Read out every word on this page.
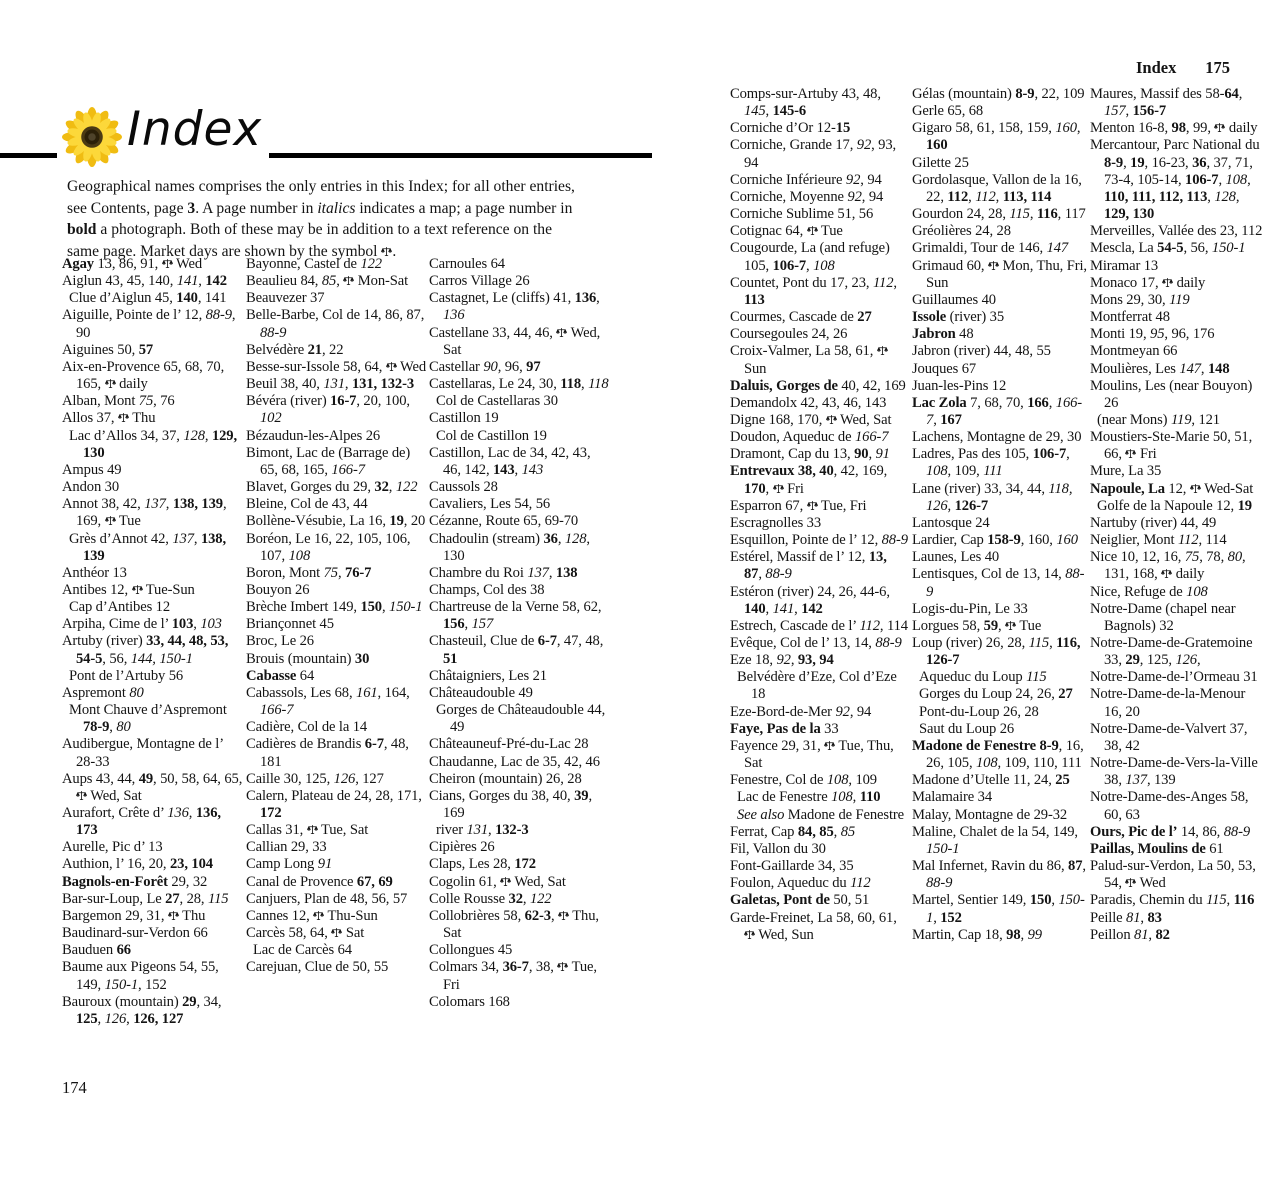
Index
Index 175
Geographical names comprises the only entries in this Index; for all other entries, see Contents, page 3. A page number in italics indicates a map; a page number in bold a photograph. Both of these may be in addition to a text reference on the same page. Market days are shown by the symbol .
Agay 13, 86, 91,  Wed
Aiglun 43, 45, 140, 141, 142
Clue d’Aiglun 45, 140, 141
Aiguille, Pointe de l’ 12, 88-9, 90
Aiguines 50, 57
Aix-en-Provence 65, 68, 70, 165,  daily
Alban, Mont 75, 76
Allos 37,  Thu
Lac d’Allos 34, 37, 128, 129, 130
Ampus 49
Andon 30
Annot 38, 42, 137, 138, 139, 169,  Tue
Grès d’Annot 42, 137, 138, 139
Anthéor 13
Antibes 12,  Tue-Sun
Cap d’Antibes 12
Arpiha, Cime de l’ 103, 103
Artuby (river) 33, 44, 48, 53, 54-5, 56, 144, 150-1
Pont de l’Artuby 56
Aspremont 80
Mont Chauve d’Aspremont 78-9, 80
Audibergue, Montagne de l’ 28-33
Aups 43, 44, 49, 50, 58, 64, 65,  Wed, Sat
Aurafort, Crête d’ 136, 136, 173
Aurelle, Pic d’ 13
Authion, l’ 16, 20, 23, 104
Bagnols-en-Forêt 29, 32
Bar-sur-Loup, Le 27, 28, 115
Bargemon 29, 31,  Thu
Baudinard-sur-Verdon 66
Bauduen 66
Baume aux Pigeons 54, 55, 149, 150-1, 152
Bauroux (mountain) 29, 34, 125, 126, 126, 127
Bayonne, Castel de 122
Beaulieu 84, 85,  Mon-Sat
Beauvezer 37
Belle-Barbe, Col de 14, 86, 87, 88-9
Belvédère 21, 22
Besse-sur-Issole 58, 64,  Wed
Beuil 38, 40, 131, 131, 132-3
Bévéra (river) 16-7, 20, 100, 102
Bézaudun-les-Alpes 26
Bimont, Lac de (Barrage de) 65, 68, 165, 166-7
Blavet, Gorges du 29, 32, 122
Bleine, Col de 43, 44
Bollène-Vésubie, La 16, 19, 20
Boréon, Le 16, 22, 105, 106, 107, 108
Boron, Mont 75, 76-7
Bouyon 26
Brèche Imbert 149, 150, 150-1
Briançonnet 45
Broc, Le 26
Brouis (mountain) 30
Cabasse 64
Cabassols, Les 68, 161, 164, 166-7
Cadière, Col de la 14
Cadières de Brandis 6-7, 48, 181
Caille 30, 125, 126, 127
Calern, Plateau de 24, 28, 171, 172
Callas 31,  Tue, Sat
Callian 29, 33
Camp Long 91
Canal de Provence 67, 69
Canjuers, Plan de 48, 56, 57
Cannes 12,  Thu-Sun
Carcès 58, 64,  Sat
Lac de Carcès 64
Carejuan, Clue de 50, 55
Carnoules 64
Carros Village 26
Castagnet, Le (cliffs) 41, 136, 136
Castellane 33, 44, 46,  Wed, Sat
Castellar 90, 96, 97
Castellaras, Le 24, 30, 118, 118
Col de Castellaras 30
Castillon 19
Col de Castillon 19
Castillon, Lac de 34, 42, 43, 46, 142, 143, 143
Caussols 28
Cavaliers, Les 54, 56
Cézanne, Route 65, 69-70
Chadoulin (stream) 36, 128, 130
Chambre du Roi 137, 138
Champs, Col des 38
Chartreuse de la Verne 58, 62, 156, 157
Chasteuil, Clue de 6-7, 47, 48, 51
Châtaigniers, Les 21
Châteaudouble 49
Gorges de Châteaudouble 44, 49
Châteauneuf-Pré-du-Lac 28
Chaudanne, Lac de 35, 42, 46
Cheiron (mountain) 26, 28
Cians, Gorges du 38, 40, 39, 169
river 131, 132-3
Cipières 26
Claps, Les 28, 172
Cogolin 61,  Wed, Sat
Colle Rousse 32, 122
Collobrières 58, 62-3,  Thu, Sat
Collongues 45
Colmars 34, 36-7, 38,  Tue, Fri
Colomars 168
Comps-sur-Artuby 43, 48, 145, 145-6
Corniche d’Or 12-15
Corniche, Grande 17, 92, 93, 94
Corniche Inférieure 92, 94
Corniche, Moyenne 92, 94
Corniche Sublime 51, 56
Cotignac 64,  Tue
Cougourde, La (and refuge) 105, 106-7, 108
Countet, Pont du 17, 23, 112, 113
Courmes, Cascade de 27
Coursegoules 24, 26
Croix-Valmer, La 58, 61,  Sun
Daluis, Gorges de 40, 42, 169
Demandolx 42, 43, 46, 143
Digne 168, 170,  Wed, Sat
Doudon, Aqueduc de 166-7
Dramont, Cap du 13, 90, 91
Entrevaux 38, 40, 42, 169, 170,  Fri
Esparron 67,  Tue, Fri
Escragnolles 33
Esquillon, Pointe de l’ 12, 88-9
Estérel, Massif de l’ 12, 13, 87, 88-9
Estéron (river) 24, 26, 44-6, 140, 141, 142
Estrech, Cascade de l’ 112, 114
Evêque, Col de l’ 13, 14, 88-9
Eze 18, 92, 93, 94
Belvédère d’Eze, Col d’Eze 18
Eze-Bord-de-Mer 92, 94
Faye, Pas de la 33
Fayence 29, 31,  Tue, Thu, Sat
Fenestre, Col de 108, 109
Lac de Fenestre 108, 110
See also Madone de Fenestre
Ferrat, Cap 84, 85, 85
Fil, Vallon du 30
Font-Gaillarde 34, 35
Foulon, Aqueduc du 112
Galetas, Pont de 50, 51
Garde-Freinet, La 58, 60, 61,  Wed, Sun
Gélas (mountain) 8-9, 22, 109
Gerle 65, 68
Gigaro 58, 61, 158, 159, 160, 160
Gilette 25
Gordolasque, Vallon de la 16, 22, 112, 112, 113, 114
Gourdon 24, 28, 115, 116, 117
Gréolières 24, 28
Grimaldi, Tour de 146, 147
Grimaud 60,  Mon, Thu, Fri, Sun
Guillaumes 40
Issole (river) 35
Jabron 48
Jabron (river) 44, 48, 55
Jouques 67
Juan-les-Pins 12
Lac Zola 7, 68, 70, 166, 166-7, 167
Lachens, Montagne de 29, 30
Ladres, Pas des 105, 106-7, 108, 109, 111
Lane (river) 33, 34, 44, 118, 126, 126-7
Lantosque 24
Lardier, Cap 158-9, 160, 160
Launes, Les 40
Lentisques, Col de 13, 14, 88-9
Logis-du-Pin, Le 33
Lorgues 58, 59,  Tue
Loup (river) 26, 28, 115, 116, 126-7
Aqueduc du Loup 115
Gorges du Loup 24, 26, 27
Pont-du-Loup 26, 28
Saut du Loup 26
Madone de Fenestre 8-9, 16, 26, 105, 108, 109, 110, 111
Madone d’Utelle 11, 24, 25
Malamaire 34
Malay, Montagne de 29-32
Maline, Chalet de la 54, 149, 150-1
Mal Infernet, Ravin du 86, 87, 88-9
Martel, Sentier 149, 150, 150-1, 152
Martin, Cap 18, 98, 99
Maures, Massif des 58-64, 157, 156-7
Menton 16-8, 98, 99,  daily
Mercantour, Parc National du 8-9, 19, 16-23, 36, 37, 71, 73-4, 105-14, 106-7, 108, 110, 111, 112, 113, 128, 129, 130
Merveilles, Vallée des 23, 112
Mescla, La 54-5, 56, 150-1
Miramar 13
Monaco 17,  daily
Mons 29, 30, 119
Montferrat 48
Monti 19, 95, 96, 176
Montmeyan 66
Moulières, Les 147, 148
Moulins, Les (near Bouyon) 26
(near Mons) 119, 121
Moustiers-Ste-Marie 50, 51, 66,  Fri
Mure, La 35
Napoule, La 12,  Wed-Sat
Golfe de la Napoule 12, 19
Nartuby (river) 44, 49
Neiglier, Mont 112, 114
Nice 10, 12, 16, 75, 78, 80, 131, 168,  daily
Nice, Refuge de 108
Notre-Dame (chapel near Bagnols) 32
Notre-Dame-de-Gratemoine 33, 29, 125, 126,
Notre-Dame-de-l’Ormeau 31
Notre-Dame-de-la-Menour 16, 20
Notre-Dame-de-Valvert 37, 38, 42
Notre-Dame-de-Vers-la-Ville 38, 137, 139
Notre-Dame-des-Anges 58, 60, 63
Ours, Pic de l’ 14, 86, 88-9
Paillas, Moulins de 61
Palud-sur-Verdon, La 50, 53, 54,  Wed
Paradis, Chemin du 115, 116
Peille 81, 83
Peillon 81, 82
174
